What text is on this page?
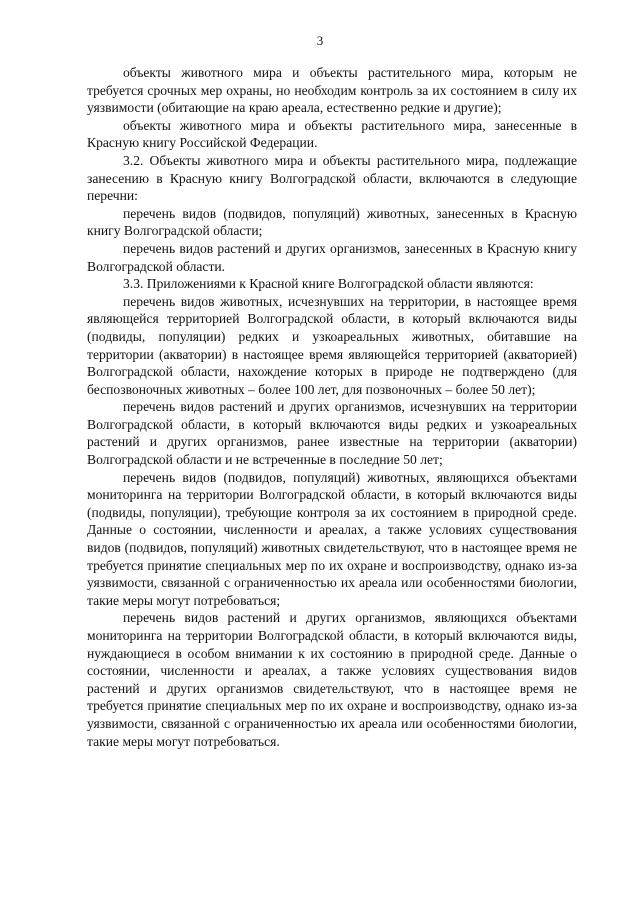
3

объекты животного мира и объекты растительного мира, которым не требуется срочных мер охраны, но необходим контроль за их состоянием в силу их уязвимости (обитающие на краю ареала, естественно редкие и другие);

объекты животного мира и объекты растительного мира, занесенные в Красную книгу Российской Федерации.

3.2. Объекты животного мира и объекты растительного мира, подлежащие занесению в Красную книгу Волгоградской области, включаются в следующие перечни:

перечень видов (подвидов, популяций) животных, занесенных в Красную книгу Волгоградской области;

перечень видов растений и других организмов, занесенных в Красную книгу Волгоградской области.

3.3. Приложениями к Красной книге Волгоградской области являются:

перечень видов животных, исчезнувших на территории, в настоящее время являющейся территорией Волгоградской области, в который включаются виды (подвиды, популяции) редких и узкоареальных животных, обитавшие на территории (акватории) в настоящее время являющейся территорией (акваторией) Волгоградской области, нахождение которых в природе не подтверждено (для беспозвоночных животных – более 100 лет, для позвоночных – более 50 лет);

перечень видов растений и других организмов, исчезнувших на территории Волгоградской области, в который включаются виды редких и узкоареальных растений и других организмов, ранее известные на территории (акватории) Волгоградской области и не встреченные в последние 50 лет;

перечень видов (подвидов, популяций) животных, являющихся объектами мониторинга на территории Волгоградской области, в который включаются виды (подвиды, популяции), требующие контроля за их состоянием в природной среде. Данные о состоянии, численности и ареалах, а также условиях существования видов (подвидов, популяций) животных свидетельствуют, что в настоящее время не требуется принятие специальных мер по их охране и воспроизводству, однако из-за уязвимости, связанной с ограниченностью их ареала или особенностями биологии, такие меры могут потребоваться;

перечень видов растений и других организмов, являющихся объектами мониторинга на территории Волгоградской области, в который включаются виды, нуждающиеся в особом внимании к их состоянию в природной среде. Данные о состоянии, численности и ареалах, а также условиях существования видов растений и других организмов свидетельствуют, что в настоящее время не требуется принятие специальных мер по их охране и воспроизводству, однако из-за уязвимости, связанной с ограниченностью их ареала или особенностями биологии, такие меры могут потребоваться.
